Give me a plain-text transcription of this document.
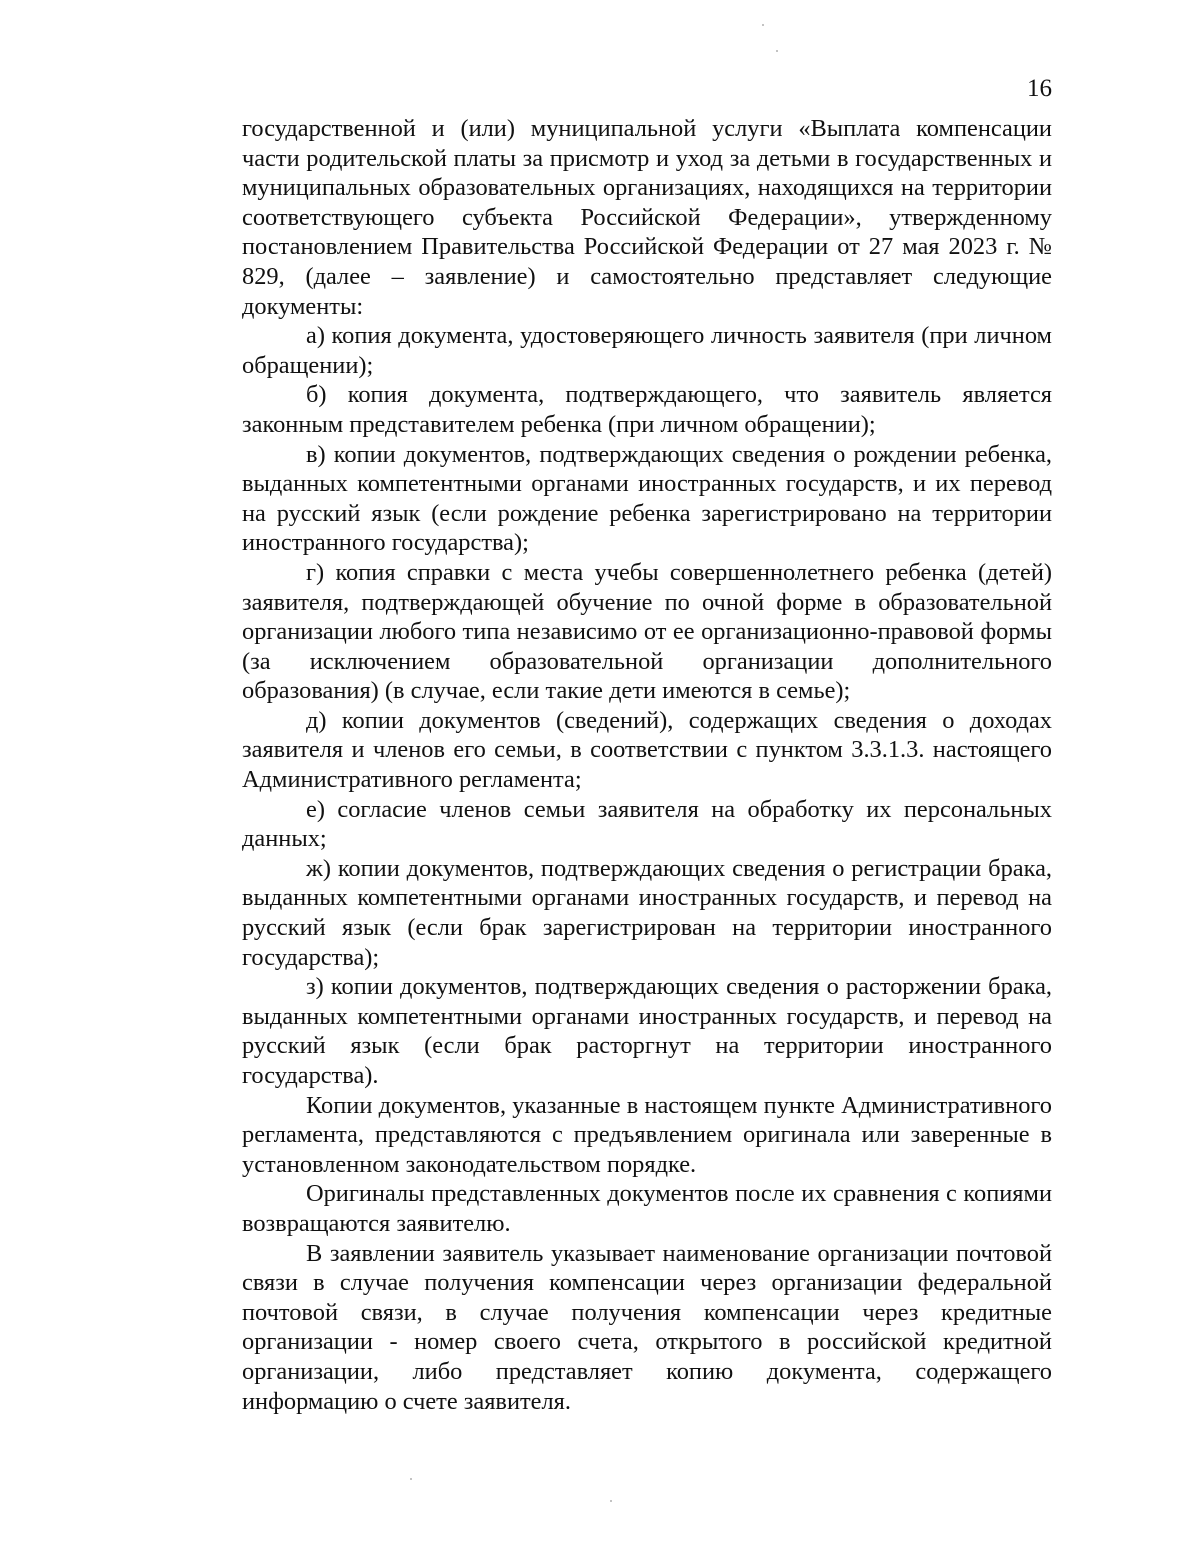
16

государственной и (или) муниципальной услуги «Выплата компенсации части родительской платы за присмотр и уход за детьми в государственных и муниципальных образовательных организациях, находящихся на территории соответствующего субъекта Российской Федерации», утвержденному постановлением Правительства Российской Федерации от 27 мая 2023 г. № 829, (далее – заявление) и самостоятельно представляет следующие документы:

а) копия документа, удостоверяющего личность заявителя (при личном обращении);

б) копия документа, подтверждающего, что заявитель является законным представителем ребенка (при личном обращении);

в) копии документов, подтверждающих сведения о рождении ребенка, выданных компетентными органами иностранных государств, и их перевод на русский язык (если рождение ребенка зарегистрировано на территории иностранного государства);

г) копия справки с места учебы совершеннолетнего ребенка (детей) заявителя, подтверждающей обучение по очной форме в образовательной организации любого типа независимо от ее организационно-правовой формы (за исключением образовательной организации дополнительного образования) (в случае, если такие дети имеются в семье);

д) копии документов (сведений), содержащих сведения о доходах заявителя и членов его семьи, в соответствии с пунктом 3.3.1.3. настоящего Административного регламента;

е) согласие членов семьи заявителя на обработку их персональных данных;

ж) копии документов, подтверждающих сведения о регистрации брака, выданных компетентными органами иностранных государств, и перевод на русский язык (если брак зарегистрирован на территории иностранного государства);

з) копии документов, подтверждающих сведения о расторжении брака, выданных компетентными органами иностранных государств, и перевод на русский язык (если брак расторгнут на территории иностранного государства).

Копии документов, указанные в настоящем пункте Административного регламента, представляются с предъявлением оригинала или заверенные в установленном законодательством порядке.

Оригиналы представленных документов после их сравнения с копиями возвращаются заявителю.

В заявлении заявитель указывает наименование организации почтовой связи в случае получения компенсации через организации федеральной почтовой связи, в случае получения компенсации через кредитные организации - номер своего счета, открытого в российской кредитной организации, либо представляет копию документа, содержащего информацию о счете заявителя.
